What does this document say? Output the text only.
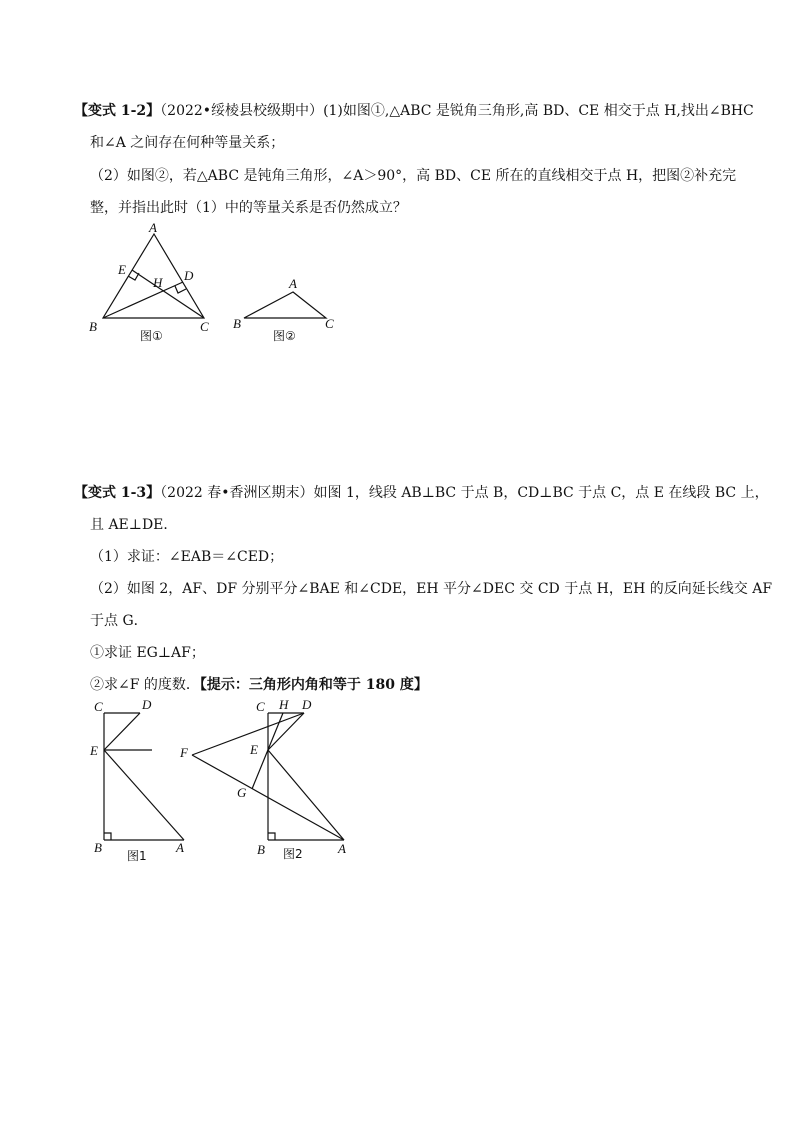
【变式 1-2】（2022•绥棱县校级期中）(1)如图①,△ABC 是锐角三角形,高 BD、CE 相交于点 H,找出∠BHC
和∠A 之间存在何种等量关系；
（2）如图②，若△ABC 是钝角三角形，∠A＞90°，高 BD、CE 所在的直线相交于点 H，把图②补充完
整，并指出此时（1）中的等量关系是否仍然成立？
A
B	C
D
E
H
图①
A
B	C
图②
【变式 1-3】（2022 春•香洲区期末）如图 1，线段 AB⊥BC 于点 B，CD⊥BC 于点 C，点 E 在线段 BC 上，
且 AE⊥DE．
（1）求证：∠EAB＝∠CED；
（2）如图 2，AF、DF 分别平分∠BAE 和∠CDE，EH 平分∠DEC 交 CD 于点 H，EH 的反向延长线交 AF
于点 G．
①求证 EG⊥AF；
②求∠F 的度数．【提示：三角形内角和等于 180 度】
C	D
E
B	A
图1
C H D
E
F
G
B	A
图2
